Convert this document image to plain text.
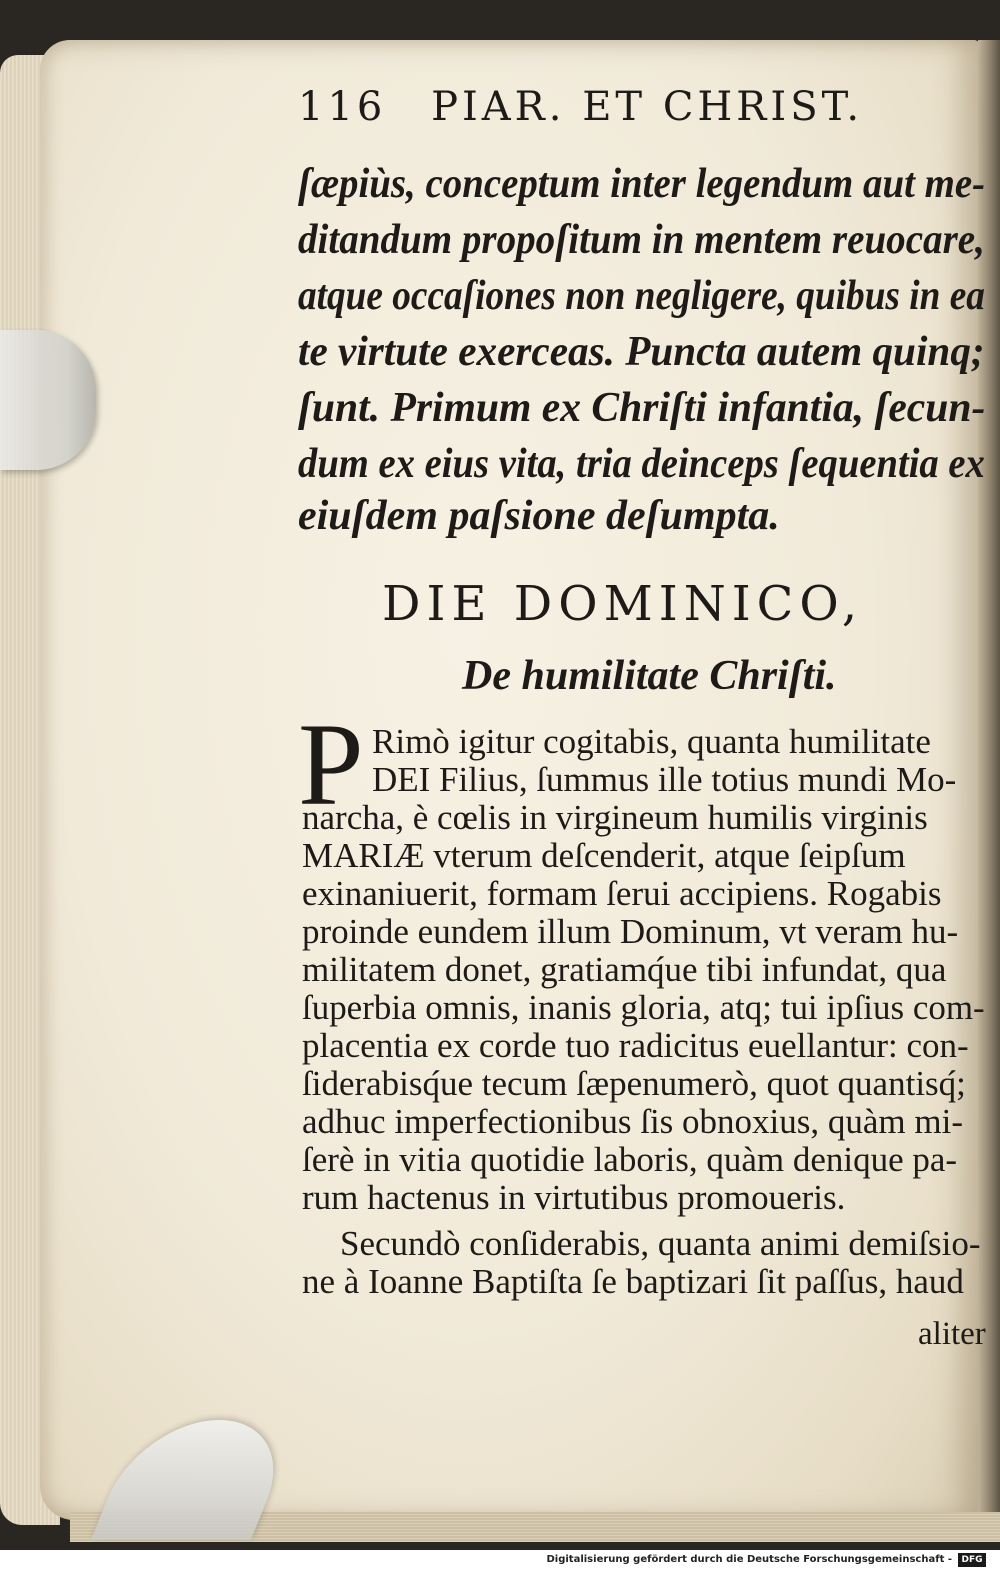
116 PIAR. ET CHRIST.
ſæpiùs, conceptum inter legendum aut me-
ditandum propoſitum in mentem reuocare,
atque occaſiones non negligere, quibus in ea
te virtute exerceas. Puncta autem quinq;
ſunt. Primum ex Chriſti infantia, ſecun-
dum ex eius vita, tria deinceps ſequentia ex
eiuſdem paſsione deſumpta.
DIE DOMINICO,
De humilitate Chriſti.
P Rimò igitur cogitabis, quanta humilitate
DEI Filius, ſummus ille totius mundi Mo-
narcha, è cœlis in virgineum humilis virginis
MARIÆ vterum deſcenderit, atque ſeipſum
exinaniuerit, formam ſerui accipiens. Rogabis
proinde eundem illum Dominum, vt veram hu-
militatem donet, gratiamq́ue tibi infundat, qua
ſuperbia omnis, inanis gloria, atq; tui ipſius com-
placentia ex corde tuo radicitus euellantur: con-
ſiderabisq́ue tecum ſæpenumerò, quot quantisq́;
adhuc imperfectionibus ſis obnoxius, quàm mi-
ſerè in vitia quotidie laboris, quàm denique pa-
rum hactenus in virtutibus promoueris.
Secundò conſiderabis, quanta animi demiſsio-
ne à Ioanne Baptiſta ſe baptizari ſit paſſus, haud
aliter
Digitalisierung gefördert durch die Deutsche Forschungsgemeinschaft -	DFG
